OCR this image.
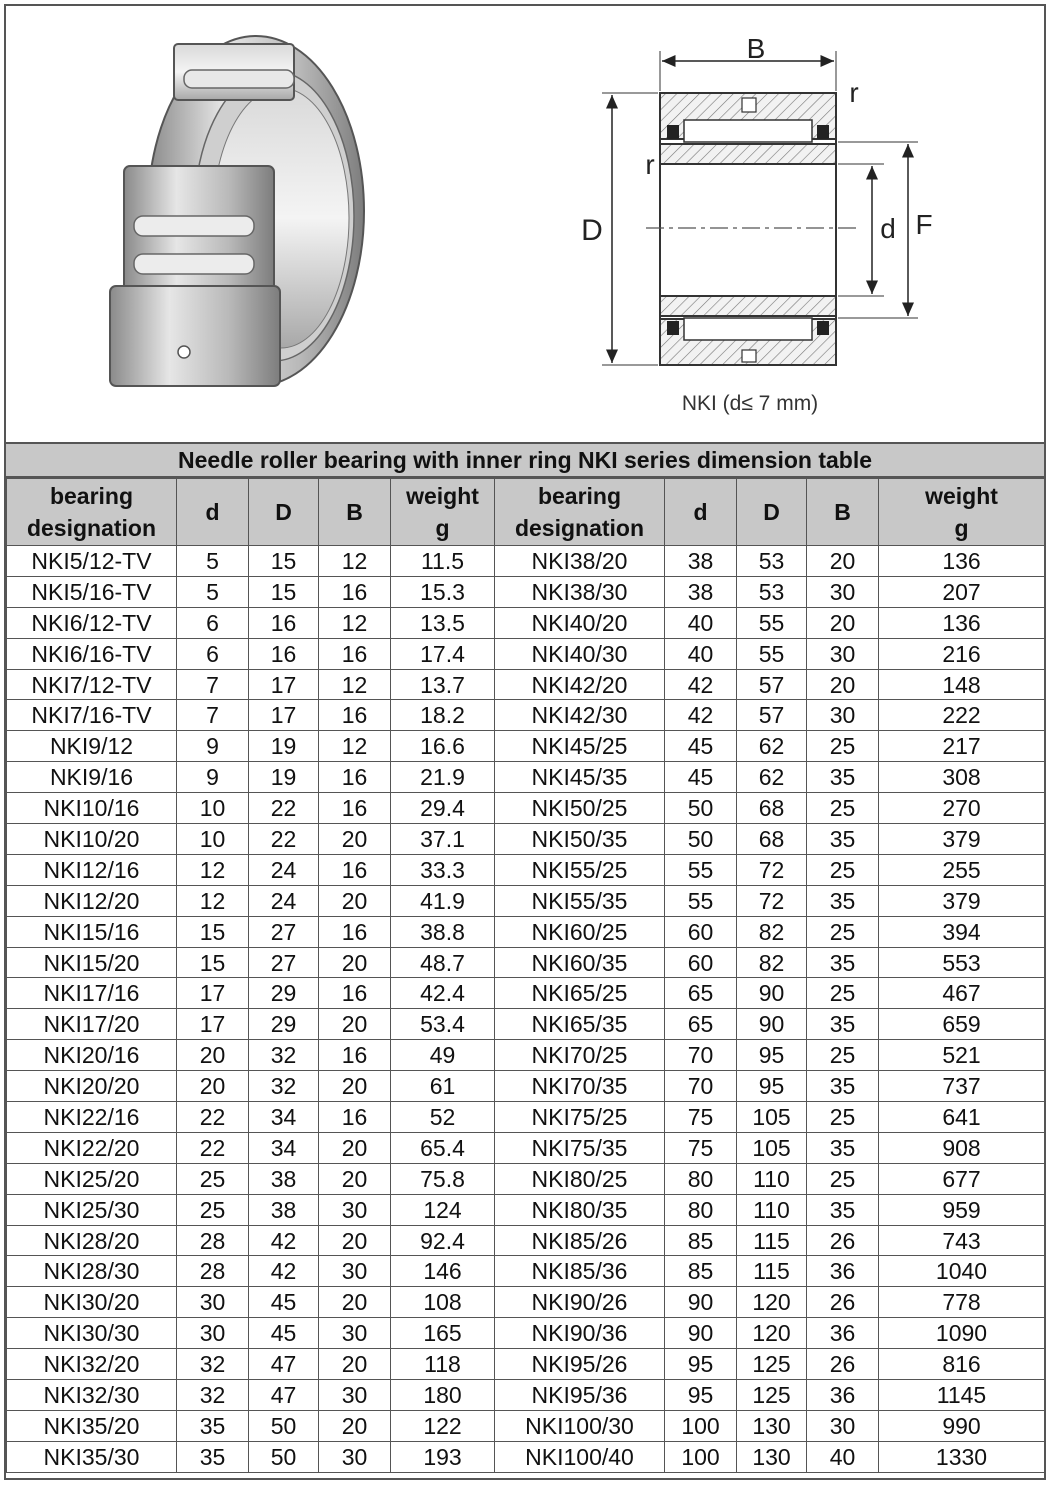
B
D	d F
r
r
NKI (d≤ 7 mm)
Needle roller bearing with inner ring NKI series dimension table
bearing
designation	d	D	B	weight
g	bearing
designation	d	D	B	weight
g
NKI5/12-TV	5	15	12	11.5	NKI38/20	38	53	20	136
NKI5/16-TV	5	15	16	15.3	NKI38/30	38	53	30	207
NKI6/12-TV	6	16	12	13.5	NKI40/20	40	55	20	136
NKI6/16-TV	6	16	16	17.4	NKI40/30	40	55	30	216
NKI7/12-TV	7	17	12	13.7	NKI42/20	42	57	20	148
NKI7/16-TV	7	17	16	18.2	NKI42/30	42	57	30	222
NKI9/12	9	19	12	16.6	NKI45/25	45	62	25	217
NKI9/16	9	19	16	21.9	NKI45/35	45	62	35	308
NKI10/16	10	22	16	29.4	NKI50/25	50	68	25	270
NKI10/20	10	22	20	37.1	NKI50/35	50	68	35	379
NKI12/16	12	24	16	33.3	NKI55/25	55	72	25	255
NKI12/20	12	24	20	41.9	NKI55/35	55	72	35	379
NKI15/16	15	27	16	38.8	NKI60/25	60	82	25	394
NKI15/20	15	27	20	48.7	NKI60/35	60	82	35	553
NKI17/16	17	29	16	42.4	NKI65/25	65	90	25	467
NKI17/20	17	29	20	53.4	NKI65/35	65	90	35	659
NKI20/16	20	32	16	49	NKI70/25	70	95	25	521
NKI20/20	20	32	20	61	NKI70/35	70	95	35	737
NKI22/16	22	34	16	52	NKI75/25	75	105	25	641
NKI22/20	22	34	20	65.4	NKI75/35	75	105	35	908
NKI25/20	25	38	20	75.8	NKI80/25	80	110	25	677
NKI25/30	25	38	30	124	NKI80/35	80	110	35	959
NKI28/20	28	42	20	92.4	NKI85/26	85	115	26	743
NKI28/30	28	42	30	146	NKI85/36	85	115	36	1040
NKI30/20	30	45	20	108	NKI90/26	90	120	26	778
NKI30/30	30	45	30	165	NKI90/36	90	120	36	1090
NKI32/20	32	47	20	118	NKI95/26	95	125	26	816
NKI32/30	32	47	30	180	NKI95/36	95	125	36	1145
NKI35/20	35	50	20	122	NKI100/30	100	130	30	990
NKI35/30	35	50	30	193	NKI100/40	100	130	40	1330
